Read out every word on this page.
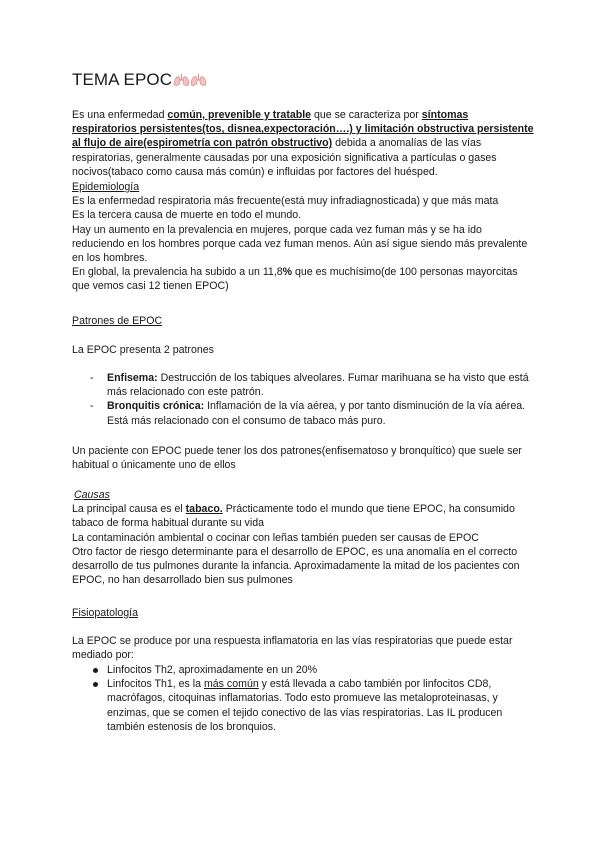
TEMA EPOC
Es una enfermedad común, prevenible y tratable que se caracteriza por síntomas respiratorios persistentes(tos, disnea,expectoración….) y limitación obstructiva persistente al flujo de aire(espirometría con patrón obstructivo) debida a anomalías de las vías respiratorias, generalmente causadas por una exposición significativa a partículas o gases nocivos(tabaco como causa más común) e influidas por factores del huésped.
Epidemiología
Es la enfermedad respiratoria más frecuente(está muy infradiagnosticada) y que más mata
Es la tercera causa de muerte en todo el mundo.
Hay un aumento en la prevalencia en mujeres, porque cada vez fuman más y se ha ido reduciendo en los hombres porque cada vez fuman menos. Aún así sigue siendo más prevalente en los hombres.
En global, la prevalencia ha subido a un 11,8% que es muchísimo(de 100 personas mayorcitas que vemos casi 12 tienen EPOC)
Patrones de EPOC
La EPOC presenta 2 patrones
- Enfisema: Destrucción de los tabiques alveolares. Fumar marihuana se ha visto que está más relacionado con este patrón.
- Bronquitis crónica: Inflamación de la vía aérea, y por tanto disminución de la vía aérea. Está más relacionado con el consumo de tabaco más puro.
Un paciente con EPOC puede tener los dos patrones(enfisematoso y bronquítico) que suele ser habitual o únicamente uno de ellos
Causas
La principal causa es el tabaco. Prácticamente todo el mundo que tiene EPOC, ha consumido tabaco de forma habitual durante su vida
La contaminación ambiental o cocinar con leñas también pueden ser causas de EPOC
Otro factor de riesgo determinante para el desarrollo de EPOC, es una anomalía en el correcto desarrollo de tus pulmones durante la infancia. Aproximadamente la mitad de los pacientes con EPOC, no han desarrollado bien sus pulmones
Fisiopatología
La EPOC se produce por una respuesta inflamatoria en las vías respiratorias que puede estar mediado por:
Linfocitos Th2, aproximadamente en un 20%
Linfocitos Th1, es la más común y está llevada a cabo también por linfocitos CD8, macrófagos, citoquinas inflamatorias. Todo esto promueve las metaloproteinasas, y enzimas, que se comen el tejido conectivo de las vías respiratorias. Las IL producen también estenosis de los bronquios.
